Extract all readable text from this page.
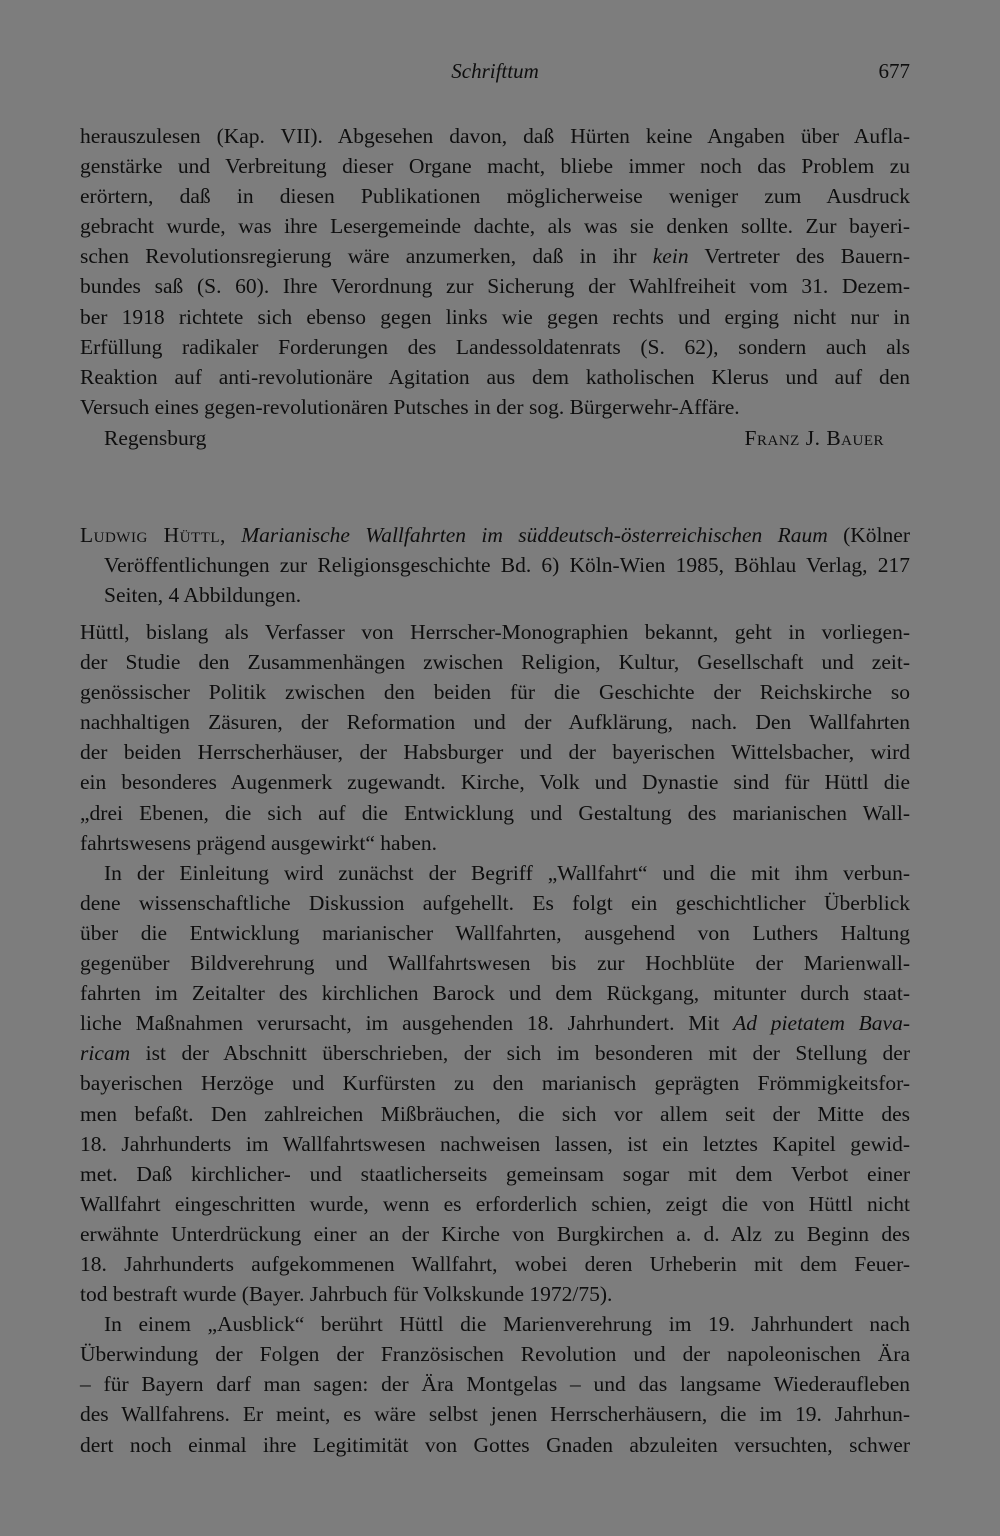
Schrifttum	677

herauszulesen (Kap. VII). Abgesehen davon, daß Hürten keine Angaben über Aufla-

genstärke und Verbreitung dieser Organe macht, bliebe immer noch das Problem zu

erörtern, daß in diesen Publikationen möglicherweise weniger zum Ausdruck

gebracht wurde, was ihre Lesergemeinde dachte, als was sie denken sollte. Zur bayeri-

schen Revolutionsregierung wäre anzumerken, daß in ihr kein Vertreter des Bauern-

bundes saß (S. 60). Ihre Verordnung zur Sicherung der Wahlfreiheit vom 31. Dezem-

ber 1918 richtete sich ebenso gegen links wie gegen rechts und erging nicht nur in

Erfüllung radikaler Forderungen des Landessoldatenrats (S. 62), sondern auch als

Reaktion auf anti-revolutionäre Agitation aus dem katholischen Klerus und auf den

Versuch eines gegen-revolutionären Putsches in der sog. Bürgerwehr-Affäre.

Regensburg	Franz J. Bauer

Ludwig Hüttl, Marianische Wallfahrten im süddeutsch-österreichischen Raum (Kölner Veröffentlichungen zur Religionsgeschichte Bd. 6) Köln-Wien 1985, Böhlau Verlag, 217 Seiten, 4 Abbildungen.

Hüttl, bislang als Verfasser von Herrscher-Monographien bekannt, geht in vorliegen-

der Studie den Zusammenhängen zwischen Religion, Kultur, Gesellschaft und zeit-

genössischer Politik zwischen den beiden für die Geschichte der Reichskirche so

nachhaltigen Zäsuren, der Reformation und der Aufklärung, nach. Den Wallfahrten

der beiden Herrscherhäuser, der Habsburger und der bayerischen Wittelsbacher, wird

ein besonderes Augenmerk zugewandt. Kirche, Volk und Dynastie sind für Hüttl die

„drei Ebenen, die sich auf die Entwicklung und Gestaltung des marianischen Wall-

fahrtswesens prägend ausgewirkt“ haben.

In der Einleitung wird zunächst der Begriff „Wallfahrt“ und die mit ihm verbun-

dene wissenschaftliche Diskussion aufgehellt. Es folgt ein geschichtlicher Überblick

über die Entwicklung marianischer Wallfahrten, ausgehend von Luthers Haltung

gegenüber Bildverehrung und Wallfahrtswesen bis zur Hochblüte der Marienwall-

fahrten im Zeitalter des kirchlichen Barock und dem Rückgang, mitunter durch staat-

liche Maßnahmen verursacht, im ausgehenden 18. Jahrhundert. Mit Ad pietatem Bava-

ricam ist der Abschnitt überschrieben, der sich im besonderen mit der Stellung der

bayerischen Herzöge und Kurfürsten zu den marianisch geprägten Frömmigkeitsfor-

men befaßt. Den zahlreichen Mißbräuchen, die sich vor allem seit der Mitte des

18. Jahrhunderts im Wallfahrtswesen nachweisen lassen, ist ein letztes Kapitel gewid-

met. Daß kirchlicher- und staatlicherseits gemeinsam sogar mit dem Verbot einer

Wallfahrt eingeschritten wurde, wenn es erforderlich schien, zeigt die von Hüttl nicht

erwähnte Unterdrückung einer an der Kirche von Burgkirchen a. d. Alz zu Beginn des

18. Jahrhunderts aufgekommenen Wallfahrt, wobei deren Urheberin mit dem Feuer-

tod bestraft wurde (Bayer. Jahrbuch für Volkskunde 1972/75).

In einem „Ausblick“ berührt Hüttl die Marienverehrung im 19. Jahrhundert nach

Überwindung der Folgen der Französischen Revolution und der napoleonischen Ära

– für Bayern darf man sagen: der Ära Montgelas – und das langsame Wiederaufleben

des Wallfahrens. Er meint, es wäre selbst jenen Herrscherhäusern, die im 19. Jahrhun-

dert noch einmal ihre Legitimität von Gottes Gnaden abzuleiten versuchten, schwer
